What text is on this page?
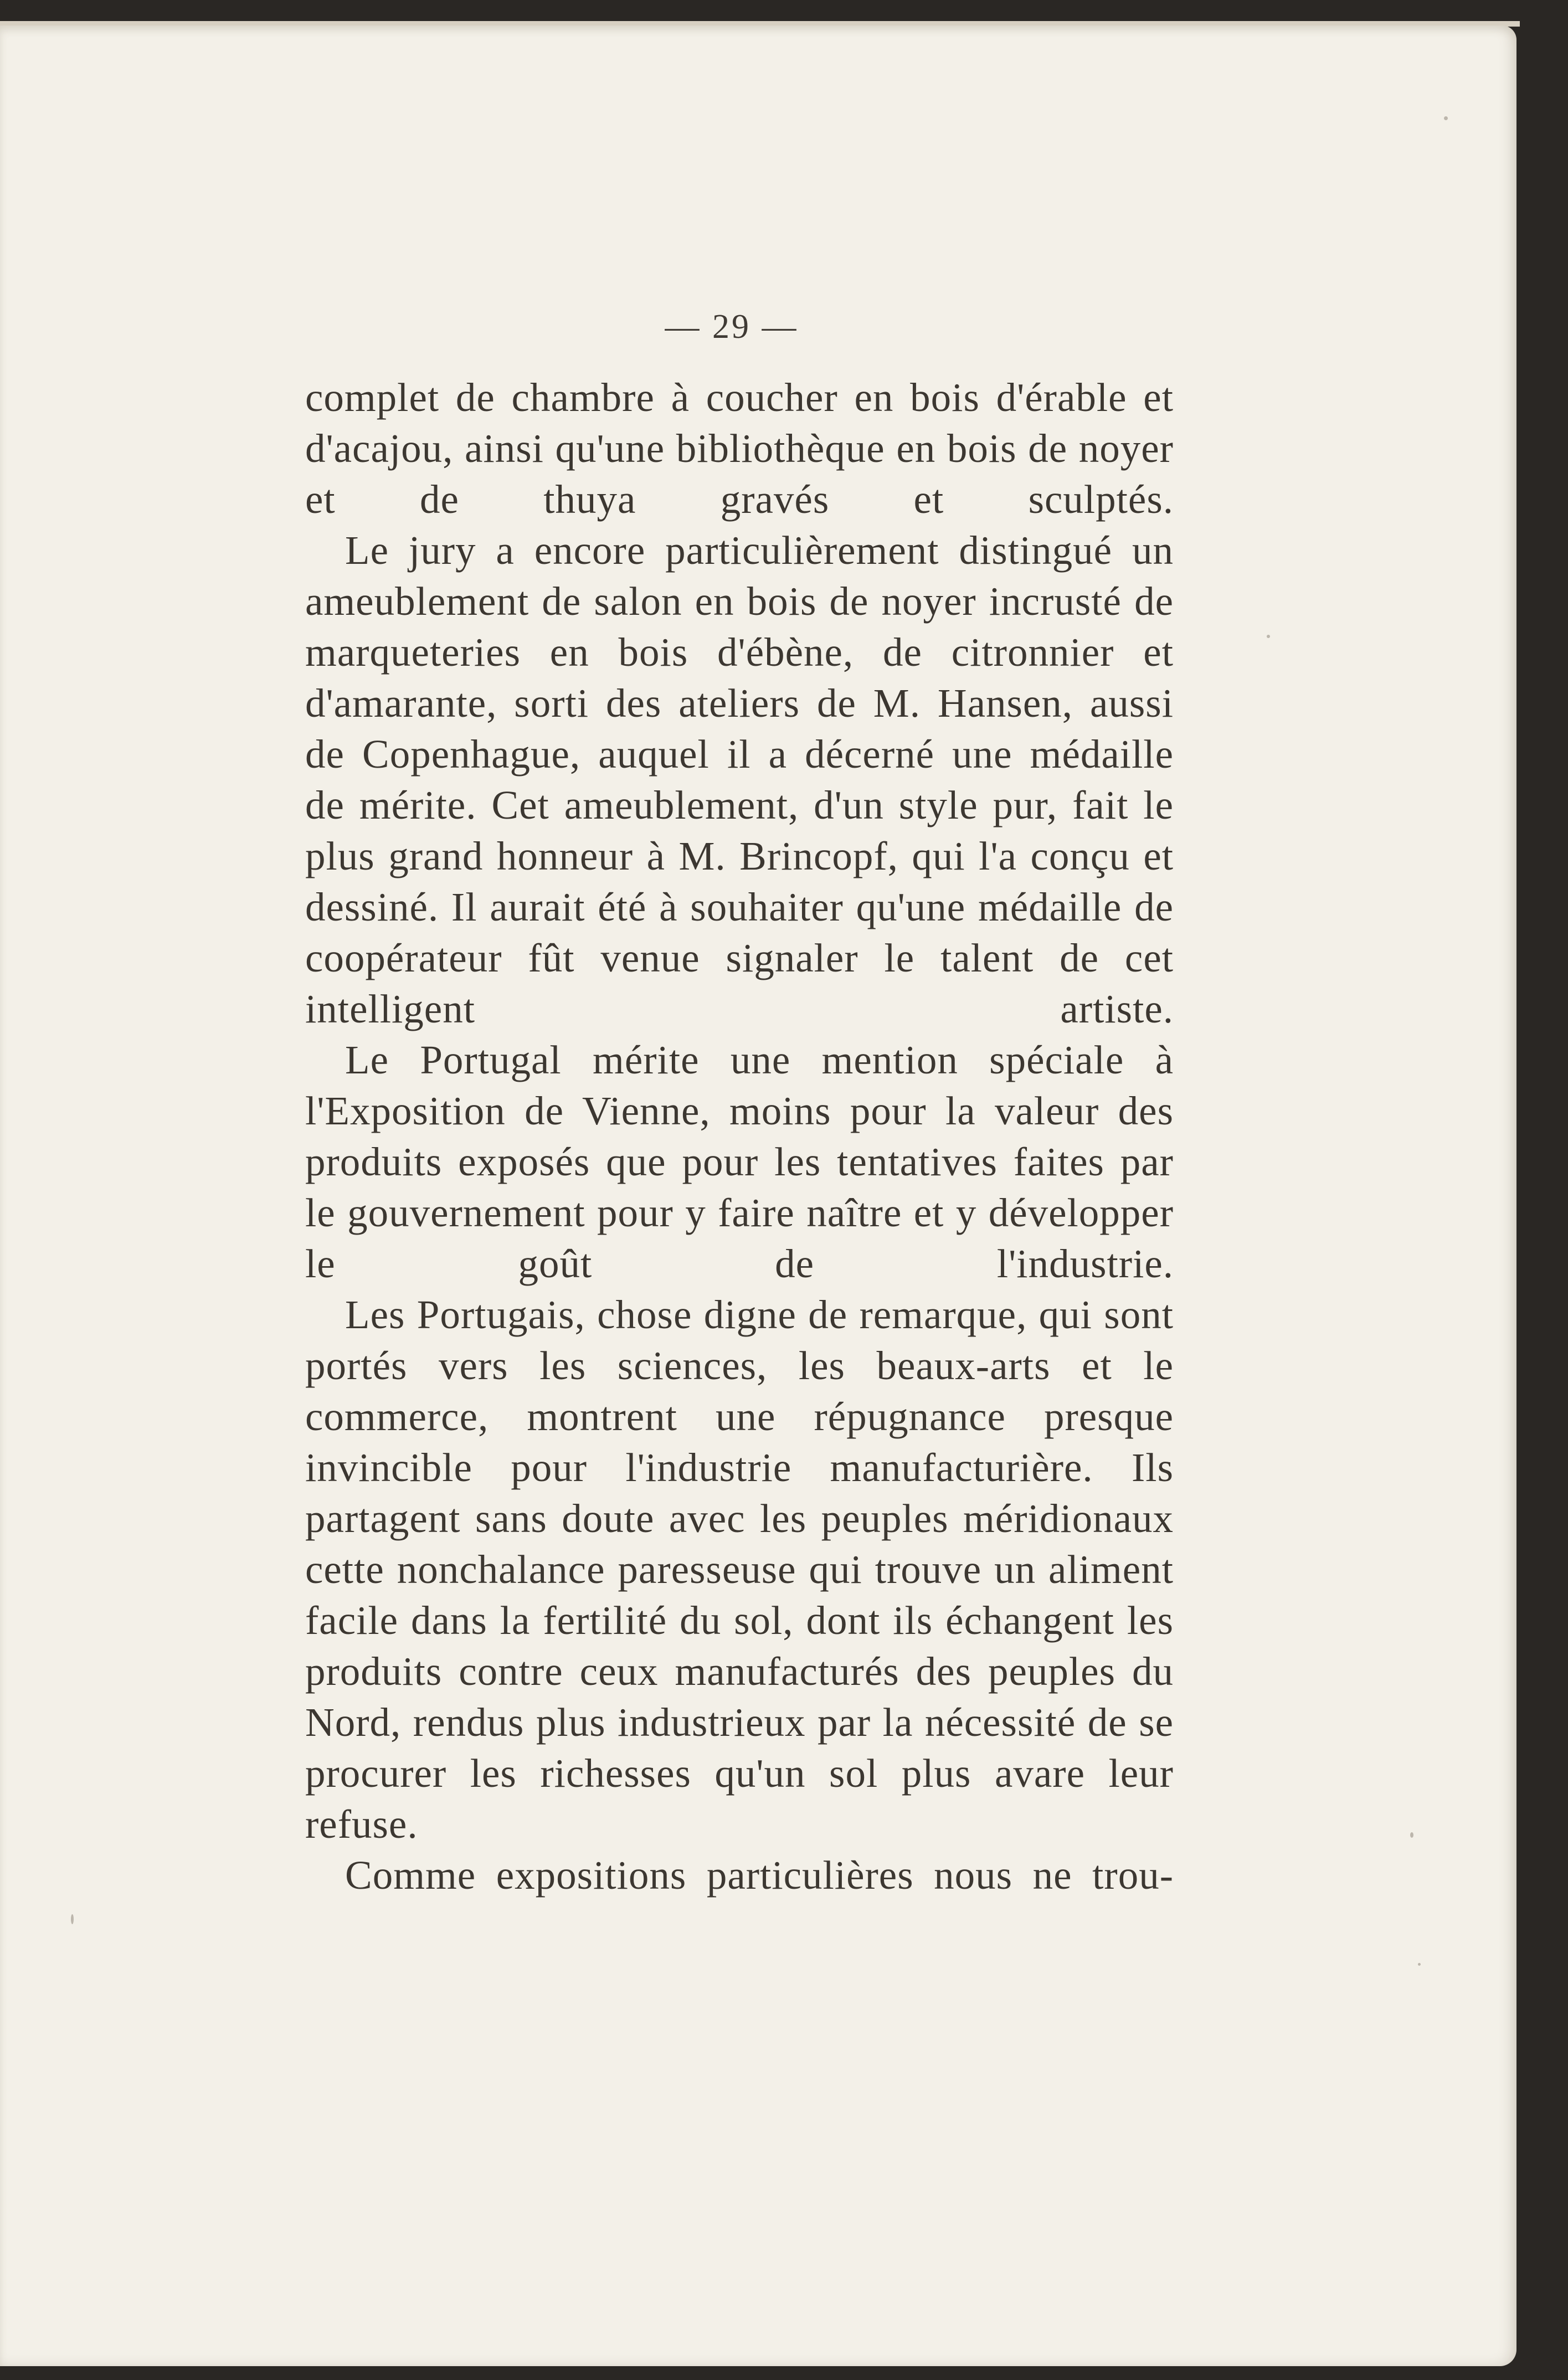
— 29 —

complet de chambre à coucher en bois d'érable et d'acajou, ainsi qu'une bibliothèque en bois de noyer et de thuya gravés et sculptés.

Le jury a encore particulièrement distingué un ameublement de salon en bois de noyer incrusté de marqueteries en bois d'ébène, de citronnier et d'amarante, sorti des ateliers de M. Hansen, aussi de Copenhague, auquel il a décerné une médaille de mérite. Cet ameublement, d'un style pur, fait le plus grand honneur à M. Brincopf, qui l'a conçu et dessiné. Il aurait été à souhaiter qu'une médaille de coopérateur fût venue signaler le talent de cet intelligent artiste.

Le Portugal mérite une mention spéciale à l'Exposition de Vienne, moins pour la valeur des produits exposés que pour les tentatives faites par le gouvernement pour y faire naître et y développer le goût de l'industrie.

Les Portugais, chose digne de remarque, qui sont portés vers les sciences, les beaux-arts et le commerce, montrent une répugnance presque invincible pour l'industrie manufacturière. Ils partagent sans doute avec les peuples méridionaux cette nonchalance paresseuse qui trouve un aliment facile dans la fertilité du sol, dont ils échangent les produits contre ceux manufacturés des peuples du Nord, rendus plus industrieux par la nécessité de se procurer les richesses qu'un sol plus avare leur refuse.

Comme expositions particulières nous ne trou-
